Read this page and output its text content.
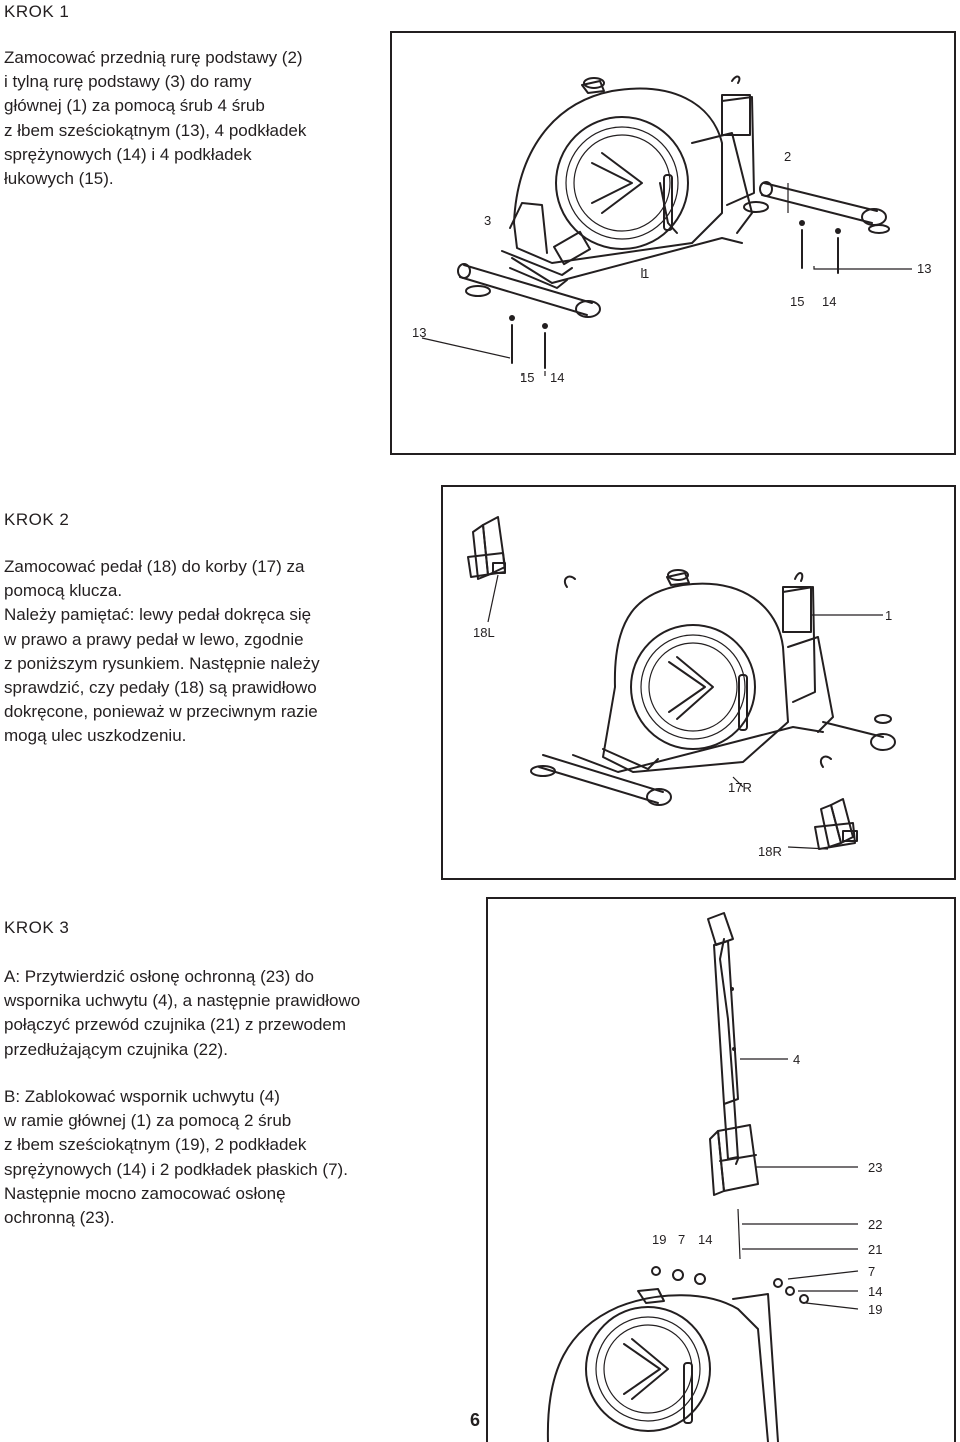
KROK 1

Zamocować przednią rurę podstawy (2)
i tylną rurę podstawy (3) do ramy
głównej (1) za pomocą śrub 4 śrub
z łbem sześciokątnym (13), 4 podkładek
sprężynowych (14) i 4 podkładek
łukowych (15).

3
2
1	13
15 14
13
15 14
KROK 2

Zamocować pedał (18) do korby (17) za
pomocą klucza.
Należy pamiętać: lewy pedał dokręca się
w prawo a prawy pedał w lewo, zgodnie
z poniższym rysunkiem. Następnie należy
sprawdzić, czy pedały (18) są prawidłowo
dokręcone, ponieważ w przeciwnym razie
mogą ulec uszkodzeniu.

18L
1
17R
18R
KROK 3

A: Przytwierdzić osłonę ochronną (23) do
wspornika uchwytu (4), a następnie prawidłowo
połączyć przewód czujnika (21) z przewodem
przedłużającym czujnika (22).

B: Zablokować wspornik uchwytu (4)
w ramie głównej (1) za pomocą 2 śrub
z łbem sześciokątnym (19), 2 podkładek
sprężynowych (14) i 2 podkładek płaskich (7).
Następnie mocno zamocować osłonę
ochronną (23).

4
23
22
21
7
14
19
19 7 14
6
